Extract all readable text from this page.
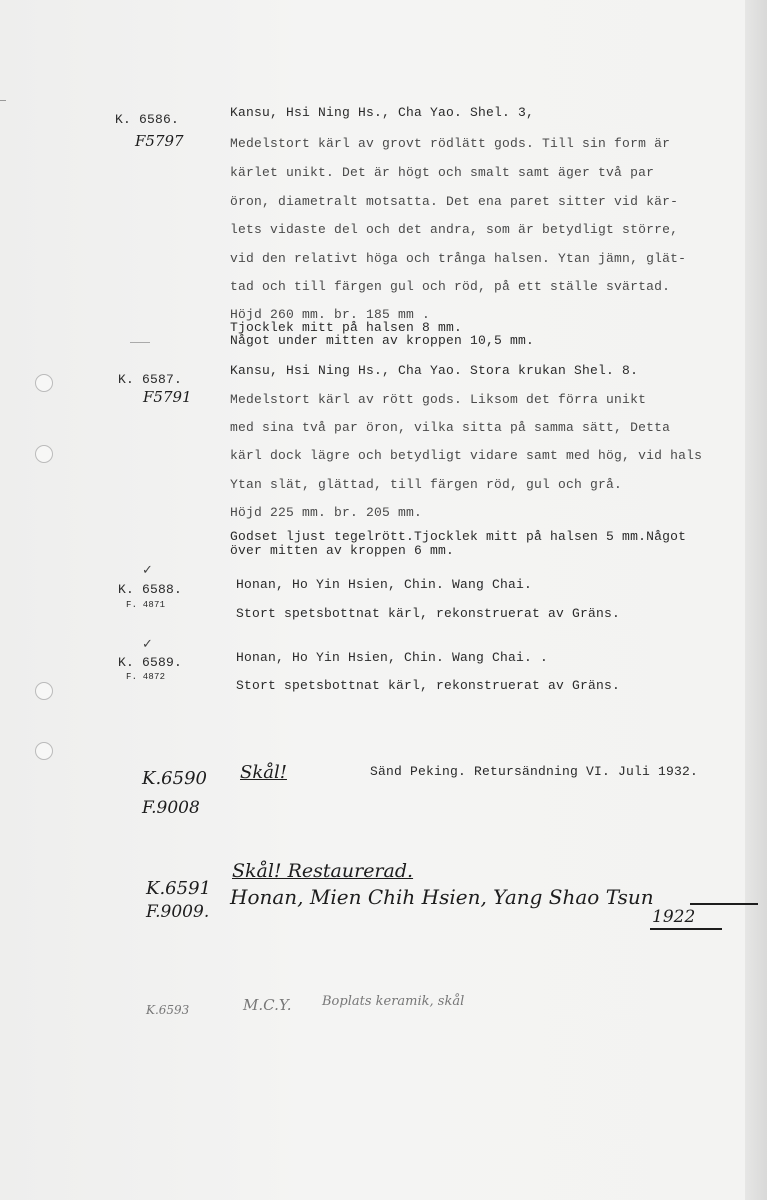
K. 6586.
F5797
Kansu, Hsi Ning Hs., Cha Yao. Shel. 3,
Medelstort kärl av grovt rödlätt gods. Till sin form är
kärlet unikt. Det är högt och smalt samt äger två par
öron, diametralt motsatta. Det ena paret sitter vid kär-
lets vidaste del och det andra, som är betydligt större,
vid den relativt höga och trånga halsen. Ytan jämn, glät-
tad och till färgen gul och röd, på ett ställe svärtad.
Höjd 260 mm. br. 185 mm .
Tjocklek mitt på halsen 8 mm.
Något under mitten av kroppen 10,5 mm.
K. 6587.
F5791
Kansu, Hsi Ning Hs., Cha Yao. Stora krukan Shel. 8.
Medelstort kärl av rött gods. Liksom det förra unikt
med sina två par öron, vilka sitta på samma sätt, Detta
kärl dock lägre och betydligt vidare samt med hög, vid hals
Ytan slät, glättad, till färgen röd, gul och grå.
Höjd 225 mm. br. 205 mm.
Godset ljust tegelrött.Tjocklek mitt på halsen 5 mm.Något
över mitten av kroppen 6 mm.
✓
K. 6588.
F. 4871
Honan, Ho Yin Hsien, Chin. Wang Chai.
Stort spetsbottnat kärl, rekonstruerat av Gräns.
✓
K. 6589.
F. 4872
Honan, Ho Yin Hsien, Chin. Wang Chai. .
Stort spetsbottnat kärl, rekonstruerat av Gräns.
K.6590
F.9008
Skål!	Sänd Peking. Retursändning VI. Juli 1932.
K.6591
F.9009.
Skål! Restaurerad.
Honan, Mien Chih Hsien, Yang Shao Tsun
1922
K.6593	M.C.Y. Boplats keramik, skål
